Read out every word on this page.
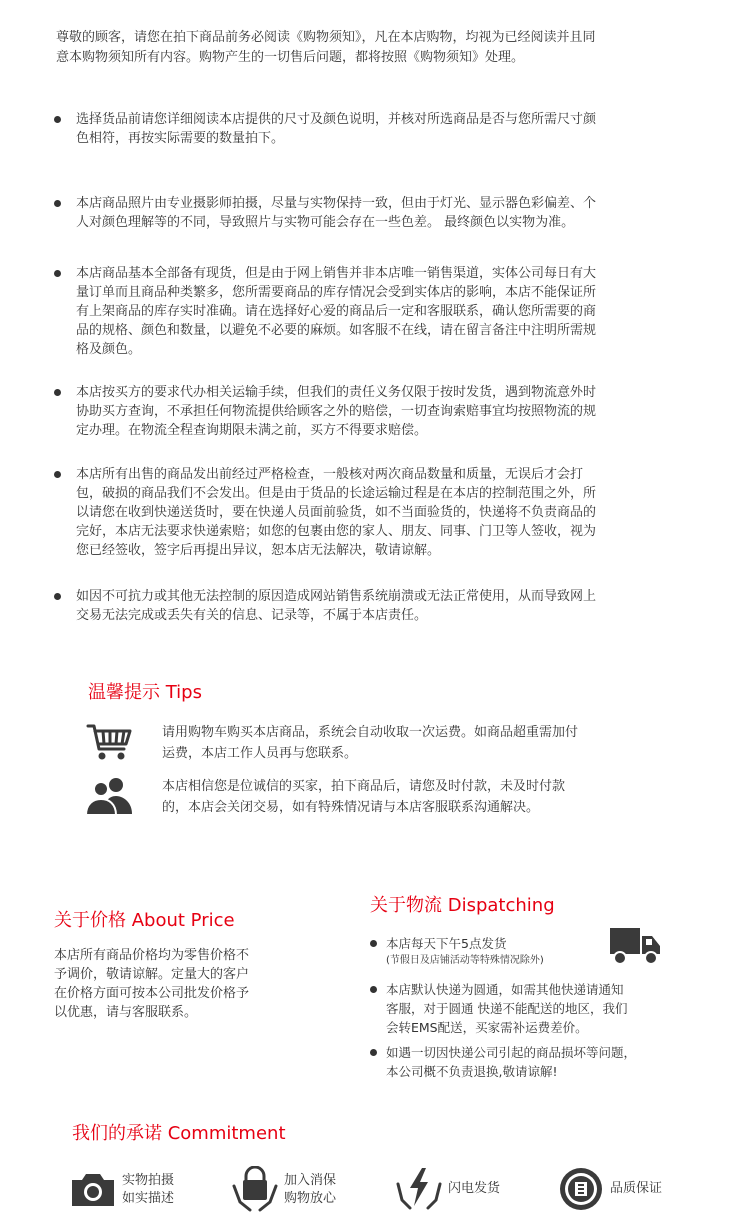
尊敬的顾客，请您在拍下商品前务必阅读《购物须知》，凡在本店购物，均视为已经阅读并且同
意本购物须知所有内容。购物产生的一切售后问题，都将按照《购物须知》处理。
选择货品前请您详细阅读本店提供的尺寸及颜色说明，并核对所选商品是否与您所需尺寸颜
色相符，再按实际需要的数量拍下。
本店商品照片由专业摄影师拍摄，尽量与实物保持一致，但由于灯光、显示器色彩偏差、个
人对颜色理解等的不同，导致照片与实物可能会存在一些色差。 最终颜色以实物为准。
本店商品基本全部备有现货，但是由于网上销售并非本店唯一销售渠道，实体公司每日有大
量订单而且商品种类繁多，您所需要商品的库存情况会受到实体店的影响，本店不能保证所
有上架商品的库存实时准确。请在选择好心爱的商品后一定和客服联系，确认您所需要的商
品的规格、颜色和数量，以避免不必要的麻烦。如客服不在线，请在留言备注中注明所需规
格及颜色。
本店按买方的要求代办相关运输手续，但我们的责任义务仅限于按时发货，遇到物流意外时
协助买方查询，不承担任何物流提供给顾客之外的赔偿，一切查询索赔事宜均按照物流的规
定办理。在物流全程查询期限未满之前，买方不得要求赔偿。
本店所有出售的商品发出前经过严格检查，一般核对两次商品数量和质量，无误后才会打
包，破损的商品我们不会发出。但是由于货品的长途运输过程是在本店的控制范围之外，所
以请您在收到快递送货时，要在快递人员面前验货，如不当面验货的，快递将不负责商品的
完好，本店无法要求快递索赔；如您的包裹由您的家人、朋友、同事、门卫等人签收，视为
您已经签收，签字后再提出异议，恕本店无法解决，敬请谅解。
如因不可抗力或其他无法控制的原因造成网站销售系统崩溃或无法正常使用，从而导致网上
交易无法完成或丢失有关的信息、记录等，不属于本店责任。
温馨提示 Tips
请用购物车购买本店商品，系统会自动收取一次运费。如商品超重需加付
运费，本店工作人员再与您联系。
本店相信您是位诚信的买家，拍下商品后，请您及时付款，未及时付款
的，本店会关闭交易，如有特殊情况请与本店客服联系沟通解决。
关于价格 About Price
本店所有商品价格均为零售价格不
予调价，敬请谅解。定量大的客户
在价格方面可按本公司批发价格予
以优惠，请与客服联系。
关于物流 Dispatching
本店每天下午5点发货
(节假日及店铺活动等特殊情况除外)
本店默认快递为圆通，如需其他快递请通知
客服，对于圆通 快递不能配送的地区，我们
会转EMS配送，买家需补运费差价。
如遇一切因快递公司引起的商品损坏等问题，
本公司概不负责退换,敬请谅解!
我们的承诺 Commitment
实物拍摄
如实描述
加入消保
购物放心
闪电发货	品质保证
